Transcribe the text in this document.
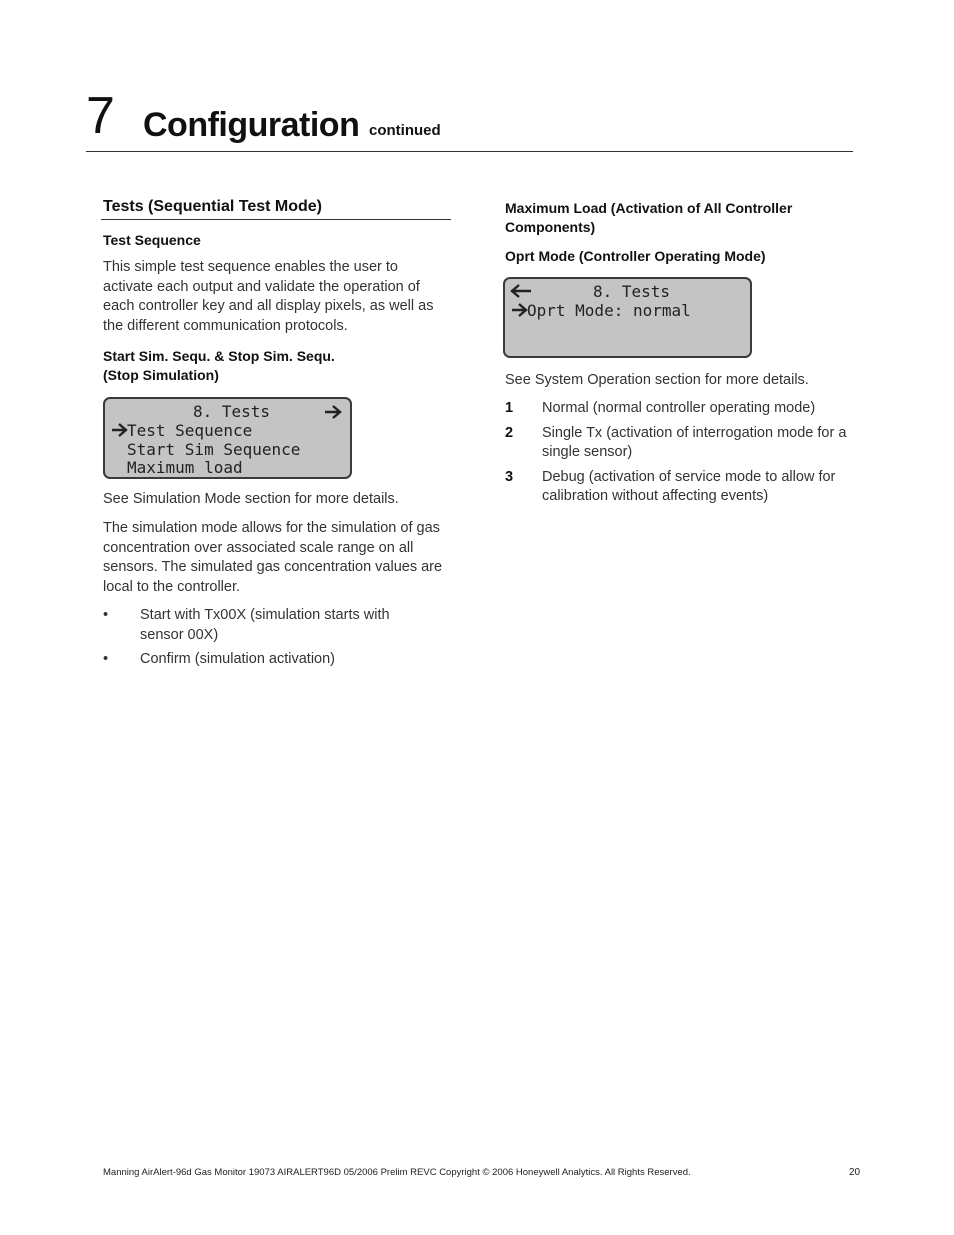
7 Configuration continued
Tests (Sequential Test Mode)
Test Sequence
This simple test sequence enables the user to activate each output and validate the operation of each controller key and all display pixels, as well as the different communication protocols.
Start Sim. Sequ. & Stop Sim. Sequ.
(Stop Simulation)
8. Tests
Test Sequence
Start Sim Sequence
Maximum load
See Simulation Mode section for more details.
The simulation mode allows for the simulation of gas concentration over associated scale range on all sensors. The simulated gas concentration values are local to the controller.
• Start with Tx00X (simulation starts with sensor 00X)
• Confirm (simulation activation)
Maximum Load (Activation of All Controller Components)
Oprt Mode (Controller Operating Mode)
8. Tests
Oprt Mode: normal
See System Operation section for more details.
1 Normal (normal controller operating mode)
2 Single Tx (activation of interrogation mode for a single sensor)
3 Debug (activation of service mode to allow for calibration without affecting events)
Manning AirAlert-96d Gas Monitor 19073 AIRALERT96D 05/2006 Prelim REVC Copyright © 2006 Honeywell Analytics. All Rights Reserved.	20
